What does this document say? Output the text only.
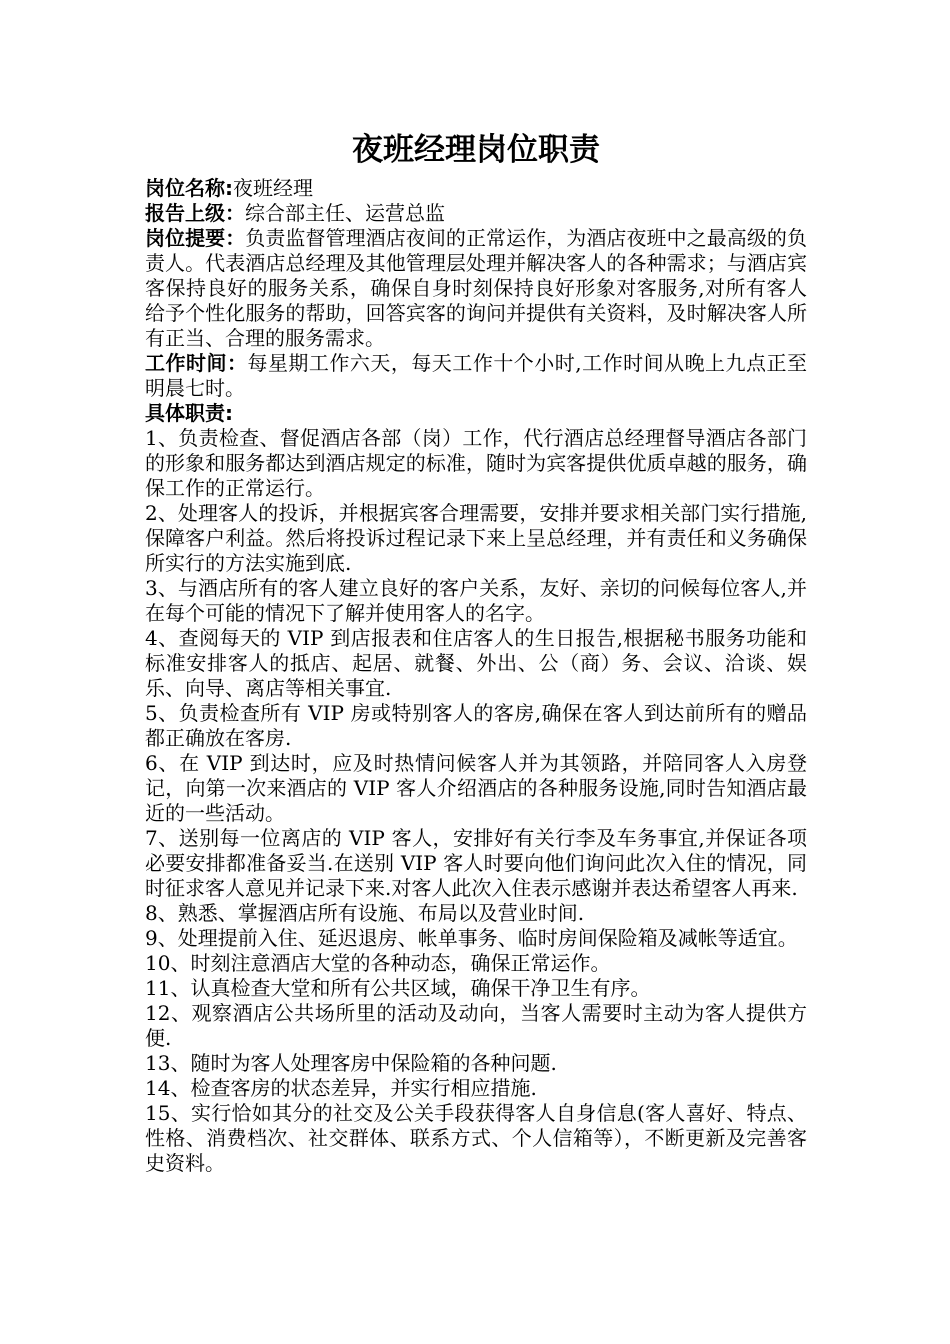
夜班经理岗位职责

岗位名称:夜班经理

报告上级：综合部主任、运营总监

岗位提要：负责监督管理酒店夜间的正常运作，为酒店夜班中之最高级的负责人。代表酒店总经理及其他管理层处理并解决客人的各种需求；与酒店宾客保持良好的服务关系，确保自身时刻保持良好形象对客服务,对所有客人给予个性化服务的帮助，回答宾客的询问并提供有关资料，及时解决客人所有正当、合理的服务需求。

工作时间：每星期工作六天，每天工作十个小时,工作时间从晚上九点正至明晨七时。

具体职责:

1、负责检查、督促酒店各部（岗）工作，代行酒店总经理督导酒店各部门的形象和服务都达到酒店规定的标准，随时为宾客提供优质卓越的服务，确保工作的正常运行。
2、处理客人的投诉，并根据宾客合理需要，安排并要求相关部门实行措施,保障客户利益。然后将投诉过程记录下来上呈总经理，并有责任和义务确保所实行的方法实施到底.
3、与酒店所有的客人建立良好的客户关系，友好、亲切的问候每位客人,并在每个可能的情况下了解并使用客人的名字。
4、查阅每天的 VIP 到店报表和住店客人的生日报告,根据秘书服务功能和标准安排客人的抵店、起居、就餐、外出、公（商）务、会议、洽谈、娱乐、向导、离店等相关事宜.
5、负责检查所有 VIP 房或特别客人的客房,确保在客人到达前所有的赠品都正确放在客房.
6、在 VIP 到达时，应及时热情问候客人并为其领路，并陪同客人入房登记，向第一次来酒店的 VIP 客人介绍酒店的各种服务设施,同时告知酒店最近的一些活动。
7、送别每一位离店的 VIP 客人，安排好有关行李及车务事宜,并保证各项必要安排都准备妥当.在送别 VIP 客人时要向他们询问此次入住的情况，同时征求客人意见并记录下来.对客人此次入住表示感谢并表达希望客人再来.
8、熟悉、掌握酒店所有设施、布局以及营业时间.
9、处理提前入住、延迟退房、帐单事务、临时房间保险箱及减帐等适宜。
10、时刻注意酒店大堂的各种动态，确保正常运作。
11、认真检查大堂和所有公共区域，确保干净卫生有序。
12、观察酒店公共场所里的活动及动向，当客人需要时主动为客人提供方便.
13、随时为客人处理客房中保险箱的各种问题.
14、检查客房的状态差异，并实行相应措施.
15、实行恰如其分的社交及公关手段获得客人自身信息(客人喜好、特点、性格、消费档次、社交群体、联系方式、个人信箱等），不断更新及完善客史资料。
